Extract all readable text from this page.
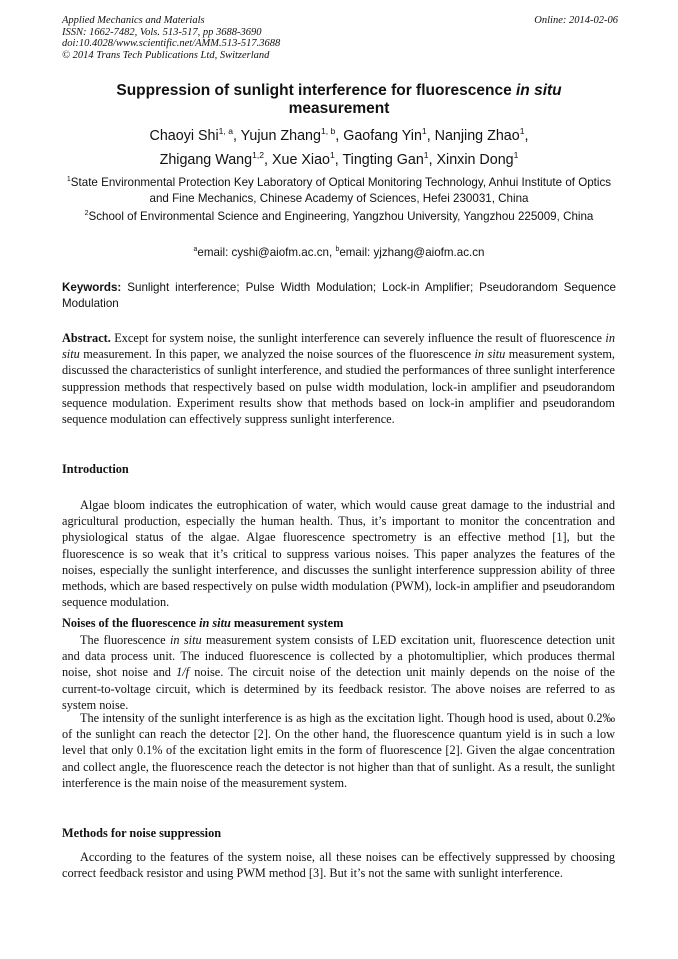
Applied Mechanics and Materials
ISSN: 1662-7482, Vols. 513-517, pp 3688-3690
doi:10.4028/www.scientific.net/AMM.513-517.3688
© 2014 Trans Tech Publications Ltd, Switzerland
Online: 2014-02-06
Suppression of sunlight interference for fluorescence in situ
measurement
Chaoyi Shi$^{1, a}$, Yujun Zhang$^{1, b}$, Gaofang Yin$^1$, Nanjing Zhao$^1$,
Zhigang Wang$^{1,2}$, Xue Xiao$^1$, Tingting Gan$^1$, Xinxin Dong$^1$
$^1$State Environmental Protection Key Laboratory of Optical Monitoring Technology, Anhui Institute of Optics and Fine Mechanics, Chinese Academy of Sciences, Hefei 230031, China
$^2$School of Environmental Science and Engineering, Yangzhou University, Yangzhou 225009, China
$^a$email: cyshi@aiofm.ac.cn, $^b$email: yjzhang@aiofm.ac.cn
Keywords: Sunlight interference; Pulse Width Modulation; Lock-in Amplifier; Pseudorandom Sequence Modulation
Abstract. Except for system noise, the sunlight interference can severely influence the result of fluorescence in situ measurement. In this paper, we analyzed the noise sources of the fluorescence in situ measurement system, discussed the characteristics of sunlight interference, and studied the performances of three sunlight interference suppression methods that respectively based on pulse width modulation, lock-in amplifier and pseudorandom sequence modulation. Experiment results show that methods based on lock-in amplifier and pseudorandom sequence modulation can effectively suppress sunlight interference.
Introduction
Algae bloom indicates the eutrophication of water, which would cause great damage to the industrial and agricultural production, especially the human health. Thus, it’s important to monitor the concentration and physiological status of the algae. Algae fluorescence spectrometry is an effective method [1], but the fluorescence is so weak that it’s critical to suppress various noises. This paper analyzes the features of the noises, especially the sunlight interference, and discusses the sunlight interference suppression ability of three methods, which are based respectively on pulse width modulation (PWM), lock-in amplifier and pseudorandom sequence modulation.
Noises of the fluorescence in situ measurement system
The fluorescence in situ measurement system consists of LED excitation unit, fluorescence detection unit and data process unit. The induced fluorescence is collected by a photomultiplier, which produces thermal noise, shot noise and 1/f noise. The circuit noise of the detection unit mainly depends on the noise of the current-to-voltage circuit, which is determined by its feedback resistor. The above noises are referred to as system noise.
The intensity of the sunlight interference is as high as the excitation light. Though hood is used, about 0.2‰ of the sunlight can reach the detector [2]. On the other hand, the fluorescence quantum yield is in such a low level that only 0.1% of the excitation light emits in the form of fluorescence [2]. Given the algae concentration and collect angle, the fluorescence reach the detector is not higher than that of sunlight. As a result, the sunlight interference is the main noise of the measurement system.
Methods for noise suppression
According to the features of the system noise, all these noises can be effectively suppressed by choosing correct feedback resistor and using PWM method [3]. But it’s not the same with sunlight interference.
